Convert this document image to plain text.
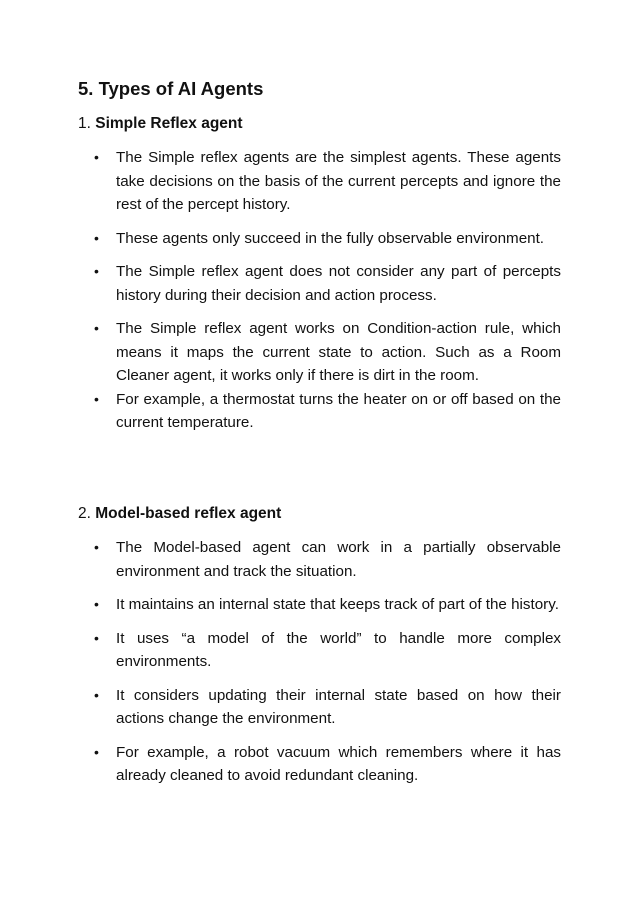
5. Types of AI Agents

1. Simple Reflex agent

• The Simple reflex agents are the simplest agents. These agents take decisions on the basis of the current percepts and ignore the rest of the percept history.
• These agents only succeed in the fully observable environment.
• The Simple reflex agent does not consider any part of percepts history during their decision and action process.
• The Simple reflex agent works on Condition-action rule, which means it maps the current state to action. Such as a Room Cleaner agent, it works only if there is dirt in the room.
• For example, a thermostat turns the heater on or off based on the current temperature.

2. Model-based reflex agent

• The Model-based agent can work in a partially observable environment and track the situation.
• It maintains an internal state that keeps track of part of the history.
• It uses “a model of the world” to handle more complex environments.
• It considers updating their internal state based on how their actions change the environment.
• For example, a robot vacuum which remembers where it has already cleaned to avoid redundant cleaning.
